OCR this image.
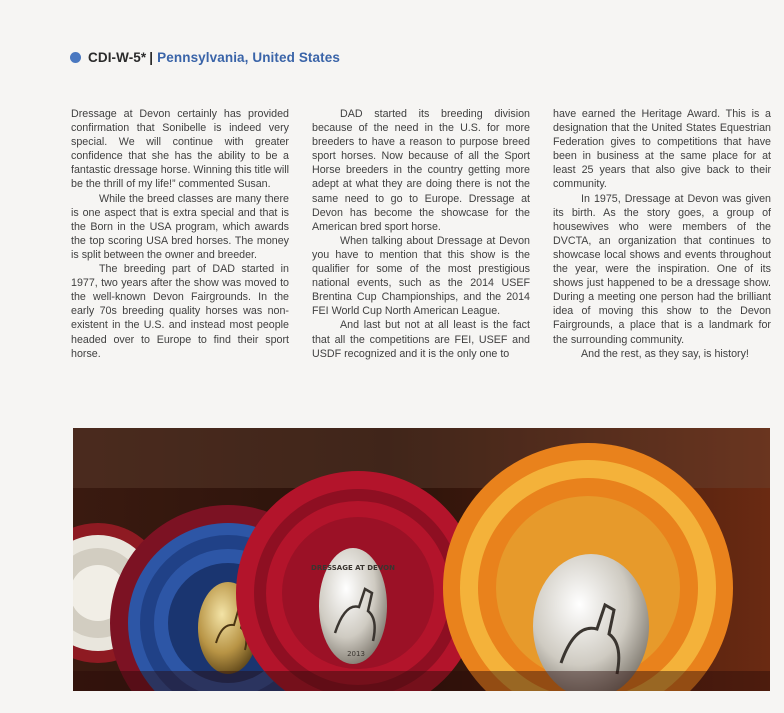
CDI-W-5* | Pennsylvania, United States

Dressage at Devon certainly has provided confirmation that Sonibelle is indeed very special. We will continue with greater confidence that she has the ability to be a fantastic dressage horse. Winning this title will be the thrill of my life!” commented Susan.

While the breed classes are many there is one aspect that is extra special and that is the Born in the USA program, which awards the top scoring USA bred horses. The money is split between the owner and breeder.

The breeding part of DAD started in 1977, two years after the show was moved to the well-known Devon Fairgrounds. In the early 70s breeding quality horses was non-existent in the U.S. and instead most people headed over to Europe to find their sport horse.

DAD started its breeding division because of the need in the U.S. for more breeders to have a reason to purpose breed sport horses. Now because of all the Sport Horse breeders in the country getting more adept at what they are doing there is not the same need to go to Europe. Dressage at Devon has become the showcase for the American bred sport horse.

When talking about Dressage at Devon you have to mention that this show is the qualifier for some of the most prestigious national events, such as the 2014 USEF Brentina Cup Championships, and the 2014 FEI World Cup North American League.

And last but not at all least is the fact that all the competitions are FEI, USEF and USDF recognized and it is the only one to

have earned the Heritage Award. This is a designation that the United States Equestrian Federation gives to competitions that have been in business at the same place for at least 25 years that also give back to their community.

In 1975, Dressage at Devon was given its birth. As the story goes, a group of housewives who were members of the DVCTA, an organization that continues to showcase local shows and events throughout the year, were the inspiration. One of its shows just happened to be a dressage show. During a meeting one person had the brilliant idea of moving this show to the Devon Fairgrounds, a place that is a landmark for the surrounding community.

And the rest, as they say, is history!

DRESSAGE AT DEVON
2013
